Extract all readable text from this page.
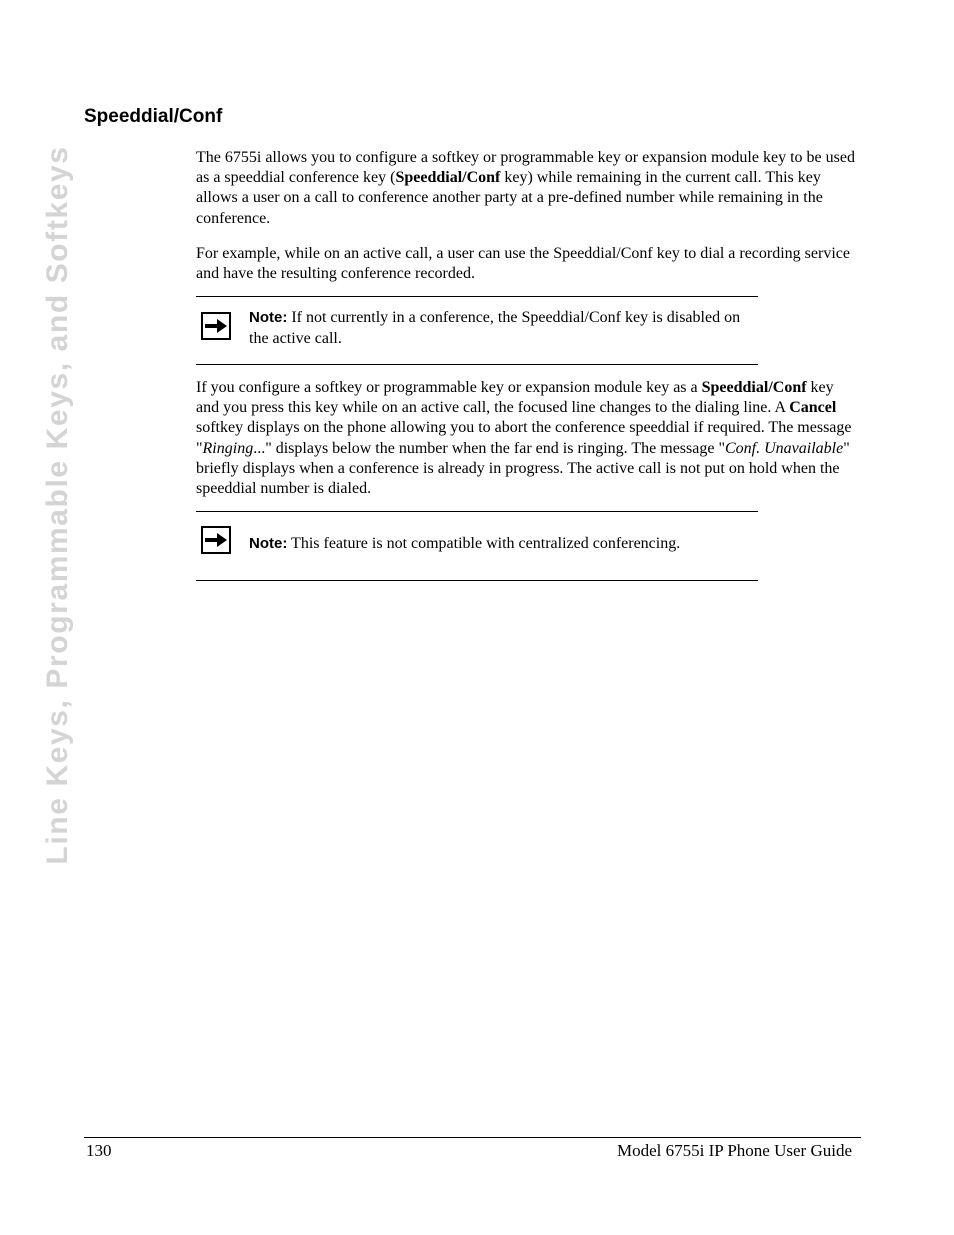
Line Keys, Programmable Keys, and Softkeys
Speeddial/Conf

The 6755i allows you to configure a softkey or programmable key or expansion module key to be used as a speeddial conference key (Speeddial/Conf key) while remaining in the current call. This key allows a user on a call to conference another party at a pre-defined number while remaining in the conference.

For example, while on an active call, a user can use the Speeddial/Conf key to dial a recording service and have the resulting conference recorded.

Note: If not currently in a conference, the Speeddial/Conf key is disabled on the active call.

If you configure a softkey or programmable key or expansion module key as a Speeddial/Conf key and you press this key while on an active call, the focused line changes to the dialing line. A Cancel softkey displays on the phone allowing you to abort the conference speeddial if required. The message "Ringing..." displays below the number when the far end is ringing. The message "Conf. Unavailable" briefly displays when a conference is already in progress. The active call is not put on hold when the speeddial number is dialed.

Note: This feature is not compatible with centralized conferencing.

130	Model 6755i IP Phone User Guide
